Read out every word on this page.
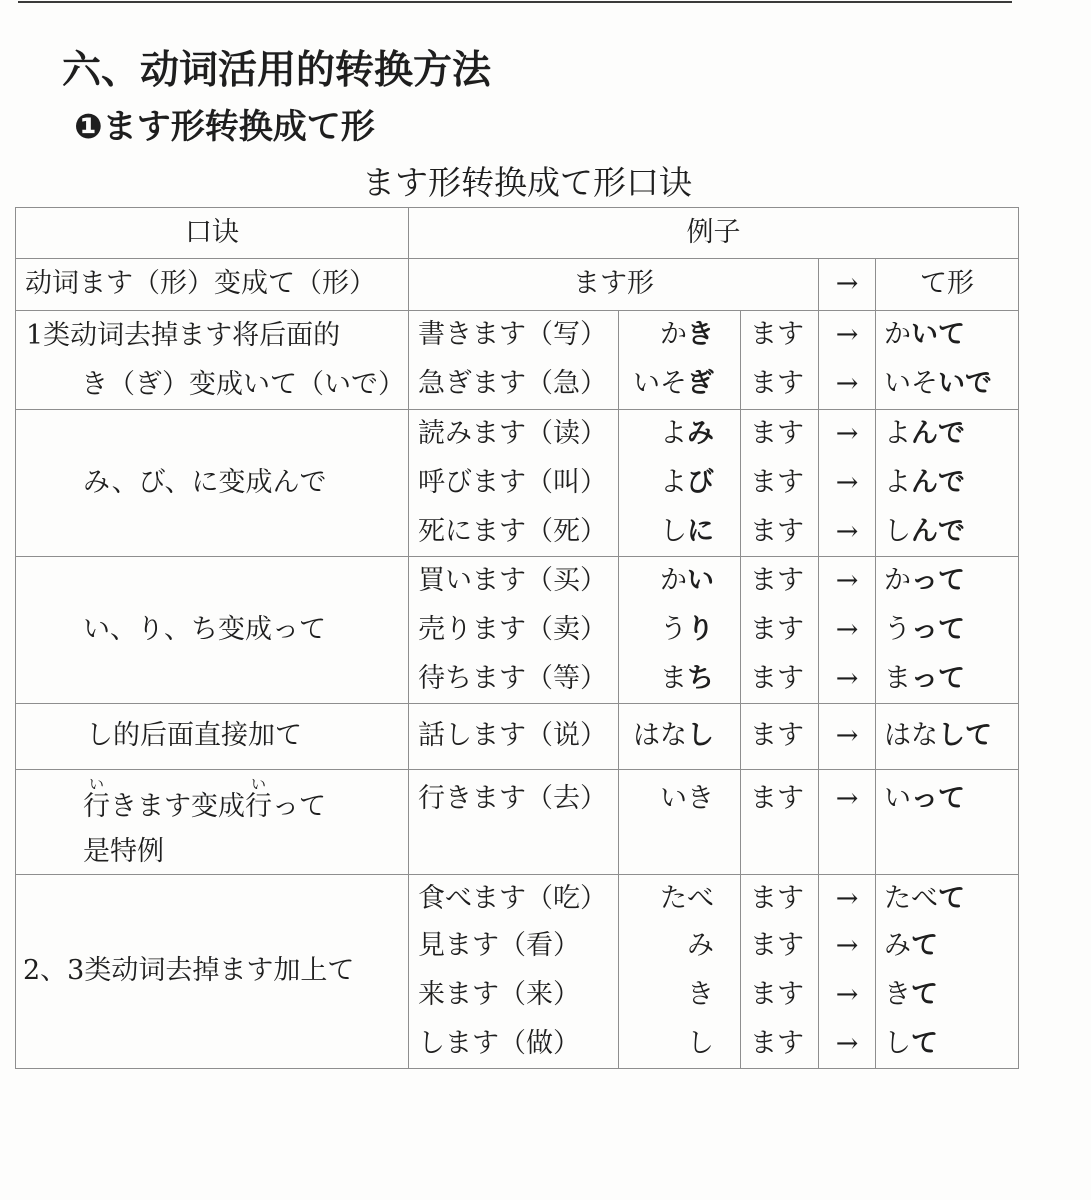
六、动词活用的转换方法
❶ます形转换成て形
ます形转换成て形口诀
口诀	例子				
动词ます（形）变成て（形）	ます形			→	て形

1类动词去掉ます将后面的
き（ぎ）变成いて（いで）	書きます（写）	かき	ます	→	かいて
	急ぎます（急）	いそぎ	ます	→	いそいで

み、び、に变成んで	読みます（读）	よみ	ます	→	よんで
	呼びます（叫）	よび	ます	→	よんで
	死にます（死）	しに	ます	→	しんで

い、り、ち变成って	買います（买）	かい	ます	→	かって
	売ります（卖）	うり	ます	→	うって
	待ちます（等）	まち	ます	→	まって

し的后面直接加て	話します（说）	はなし	ます	→	はなして

行いきます变成行いって
是特例	行きます（去）	いき	ます	→	いって

2、3类动词去掉ます加上て	食べます（吃）	たべ	ます	→	たべて
	見ます（看）	み	ます	→	みて
	来ます（来）	き	ます	→	きて
	します（做）	し	ます	→	して
